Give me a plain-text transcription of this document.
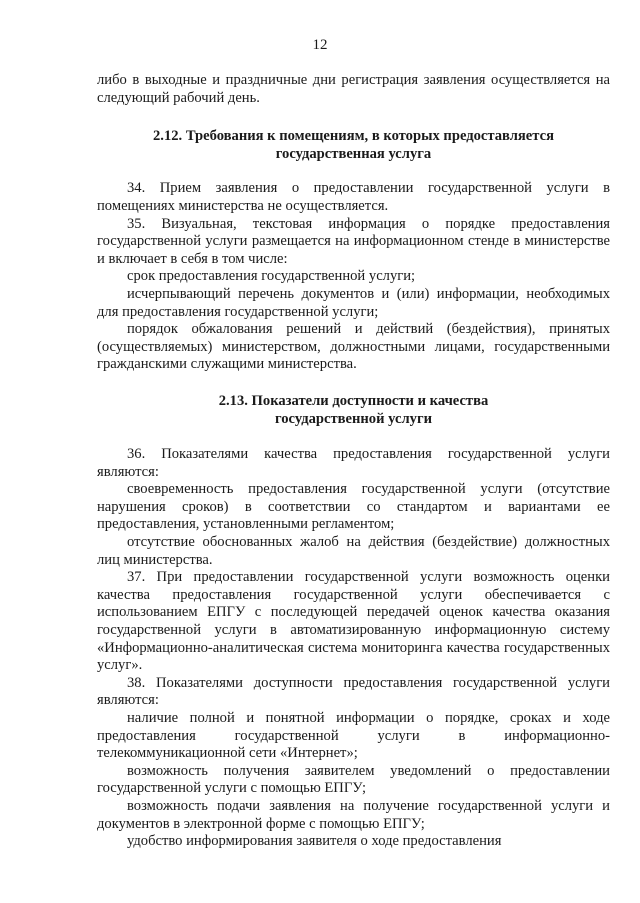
12

либо в выходные и праздничные дни регистрация заявления осуществляется на следующий рабочий день.

2.12. Требования к помещениям, в которых предоставляется
государственная услуга

34. Прием заявления о предоставлении государственной услуги в помещениях министерства не осуществляется.

35. Визуальная, текстовая информация о порядке предоставления государственной услуги размещается на информационном стенде в министерстве и включает в себя в том числе:

срок предоставления государственной услуги;

исчерпывающий перечень документов и (или) информации, необходимых для предоставления государственной услуги;

порядок обжалования решений и действий (бездействия), принятых (осуществляемых) министерством, должностными лицами, государственными гражданскими служащими министерства.

2.13. Показатели доступности и качества
государственной услуги

36. Показателями качества предоставления государственной услуги являются:

своевременность предоставления государственной услуги (отсутствие нарушения сроков) в соответствии со стандартом и вариантами ее предоставления, установленными регламентом;

отсутствие обоснованных жалоб на действия (бездействие) должностных лиц министерства.

37. При предоставлении государственной услуги возможность оценки качества предоставления государственной услуги обеспечивается с использованием ЕПГУ с последующей передачей оценок качества оказания государственной услуги в автоматизированную информационную систему «Информационно-аналитическая система мониторинга качества государственных услуг».

38. Показателями доступности предоставления государственной услуги являются:

наличие полной и понятной информации о порядке, сроках и ходе предоставления государственной услуги в информационно-телекоммуникационной сети «Интернет»;

возможность получения заявителем уведомлений о предоставлении государственной услуги с помощью ЕПГУ;

возможность подачи заявления на получение государственной услуги и документов в электронной форме с помощью ЕПГУ;

удобство информирования заявителя о ходе предоставления
